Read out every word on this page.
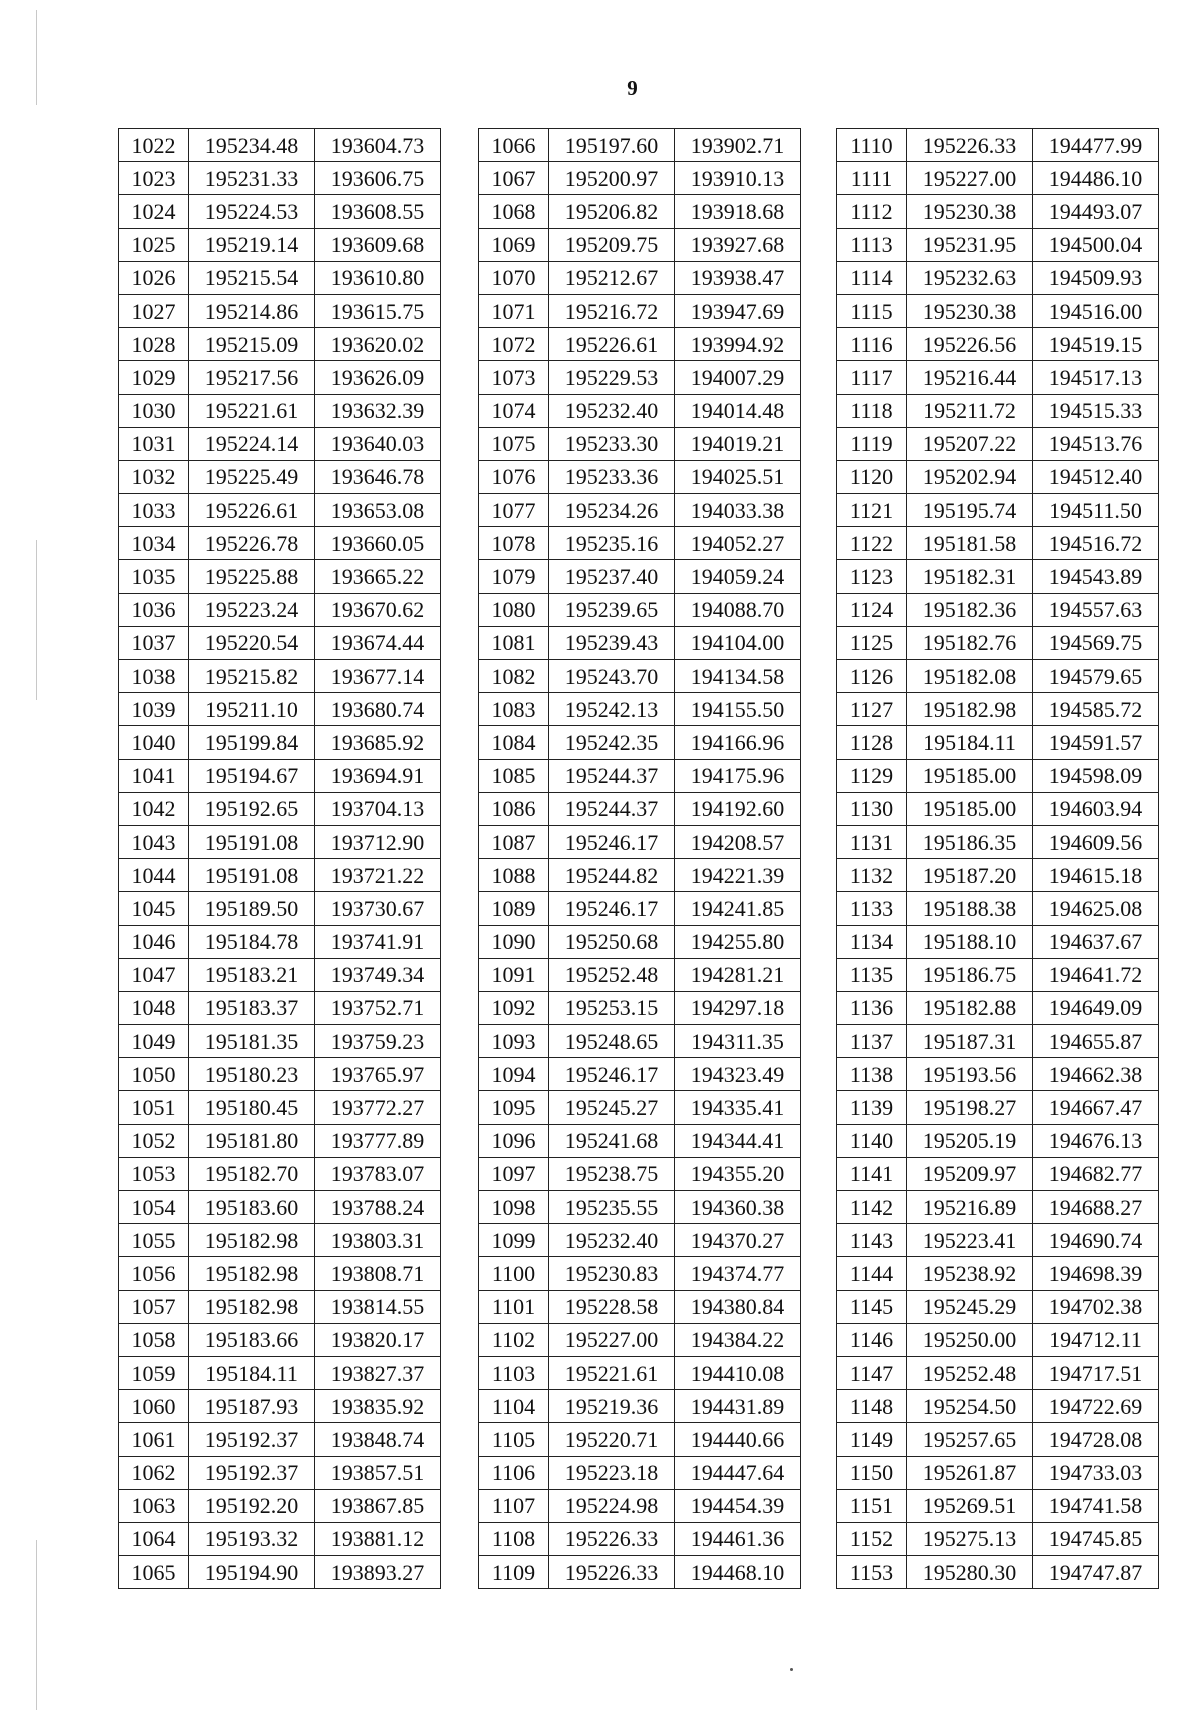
9
1022	195234.48	193604.73
1023	195231.33	193606.75
1024	195224.53	193608.55
1025	195219.14	193609.68
1026	195215.54	193610.80
1027	195214.86	193615.75
1028	195215.09	193620.02
1029	195217.56	193626.09
1030	195221.61	193632.39
1031	195224.14	193640.03
1032	195225.49	193646.78
1033	195226.61	193653.08
1034	195226.78	193660.05
1035	195225.88	193665.22
1036	195223.24	193670.62
1037	195220.54	193674.44
1038	195215.82	193677.14
1039	195211.10	193680.74
1040	195199.84	193685.92
1041	195194.67	193694.91
1042	195192.65	193704.13
1043	195191.08	193712.90
1044	195191.08	193721.22
1045	195189.50	193730.67
1046	195184.78	193741.91
1047	195183.21	193749.34
1048	195183.37	193752.71
1049	195181.35	193759.23
1050	195180.23	193765.97
1051	195180.45	193772.27
1052	195181.80	193777.89
1053	195182.70	193783.07
1054	195183.60	193788.24
1055	195182.98	193803.31
1056	195182.98	193808.71
1057	195182.98	193814.55
1058	195183.66	193820.17
1059	195184.11	193827.37
1060	195187.93	193835.92
1061	195192.37	193848.74
1062	195192.37	193857.51
1063	195192.20	193867.85
1064	195193.32	193881.12
1065	195194.90	193893.27
1066	195197.60	193902.71
1067	195200.97	193910.13
1068	195206.82	193918.68
1069	195209.75	193927.68
1070	195212.67	193938.47
1071	195216.72	193947.69
1072	195226.61	193994.92
1073	195229.53	194007.29
1074	195232.40	194014.48
1075	195233.30	194019.21
1076	195233.36	194025.51
1077	195234.26	194033.38
1078	195235.16	194052.27
1079	195237.40	194059.24
1080	195239.65	194088.70
1081	195239.43	194104.00
1082	195243.70	194134.58
1083	195242.13	194155.50
1084	195242.35	194166.96
1085	195244.37	194175.96
1086	195244.37	194192.60
1087	195246.17	194208.57
1088	195244.82	194221.39
1089	195246.17	194241.85
1090	195250.68	194255.80
1091	195252.48	194281.21
1092	195253.15	194297.18
1093	195248.65	194311.35
1094	195246.17	194323.49
1095	195245.27	194335.41
1096	195241.68	194344.41
1097	195238.75	194355.20
1098	195235.55	194360.38
1099	195232.40	194370.27
1100	195230.83	194374.77
1101	195228.58	194380.84
1102	195227.00	194384.22
1103	195221.61	194410.08
1104	195219.36	194431.89
1105	195220.71	194440.66
1106	195223.18	194447.64
1107	195224.98	194454.39
1108	195226.33	194461.36
1109	195226.33	194468.10
1110	195226.33	194477.99
1111	195227.00	194486.10
1112	195230.38	194493.07
1113	195231.95	194500.04
1114	195232.63	194509.93
1115	195230.38	194516.00
1116	195226.56	194519.15
1117	195216.44	194517.13
1118	195211.72	194515.33
1119	195207.22	194513.76
1120	195202.94	194512.40
1121	195195.74	194511.50
1122	195181.58	194516.72
1123	195182.31	194543.89
1124	195182.36	194557.63
1125	195182.76	194569.75
1126	195182.08	194579.65
1127	195182.98	194585.72
1128	195184.11	194591.57
1129	195185.00	194598.09
1130	195185.00	194603.94
1131	195186.35	194609.56
1132	195187.20	194615.18
1133	195188.38	194625.08
1134	195188.10	194637.67
1135	195186.75	194641.72
1136	195182.88	194649.09
1137	195187.31	194655.87
1138	195193.56	194662.38
1139	195198.27	194667.47
1140	195205.19	194676.13
1141	195209.97	194682.77
1142	195216.89	194688.27
1143	195223.41	194690.74
1144	195238.92	194698.39
1145	195245.29	194702.38
1146	195250.00	194712.11
1147	195252.48	194717.51
1148	195254.50	194722.69
1149	195257.65	194728.08
1150	195261.87	194733.03
1151	195269.51	194741.58
1152	195275.13	194745.85
1153	195280.30	194747.87
